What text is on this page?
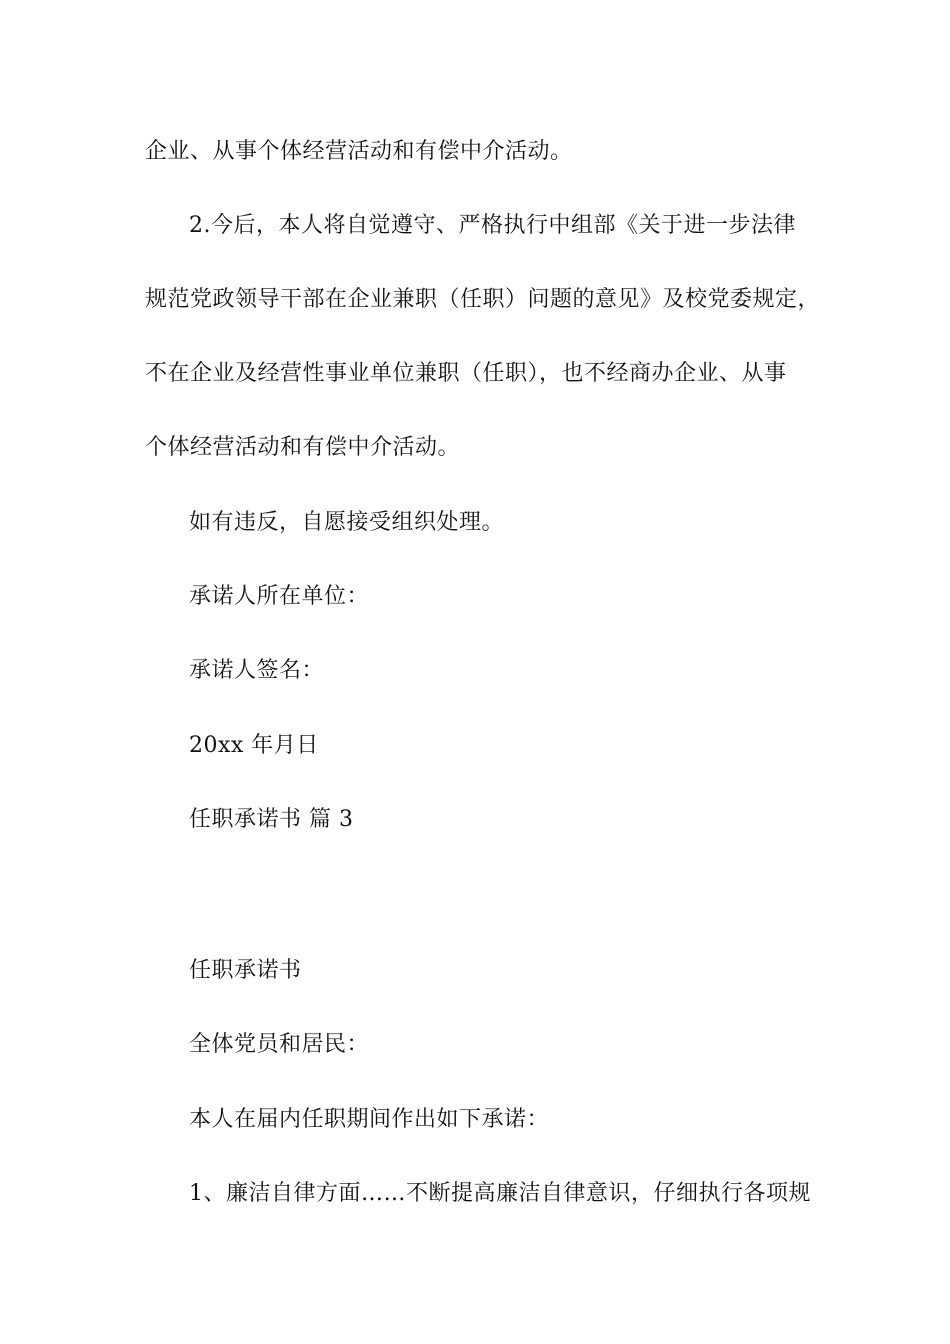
企业、从事个体经营活动和有偿中介活动。
2.今后，本人将自觉遵守、严格执行中组部《关于进一步法律
规范党政领导干部在企业兼职（任职）问题的意见》及校党委规定，
不在企业及经营性事业单位兼职（任职），也不经商办企业、从事
个体经营活动和有偿中介活动。
如有违反，自愿接受组织处理。
承诺人所在单位：
承诺人签名：
20xx 年月日
任职承诺书 篇 3
任职承诺书
全体党员和居民：
本人在届内任职期间作出如下承诺：
1、廉洁自律方面……不断提高廉洁自律意识，仔细执行各项规
